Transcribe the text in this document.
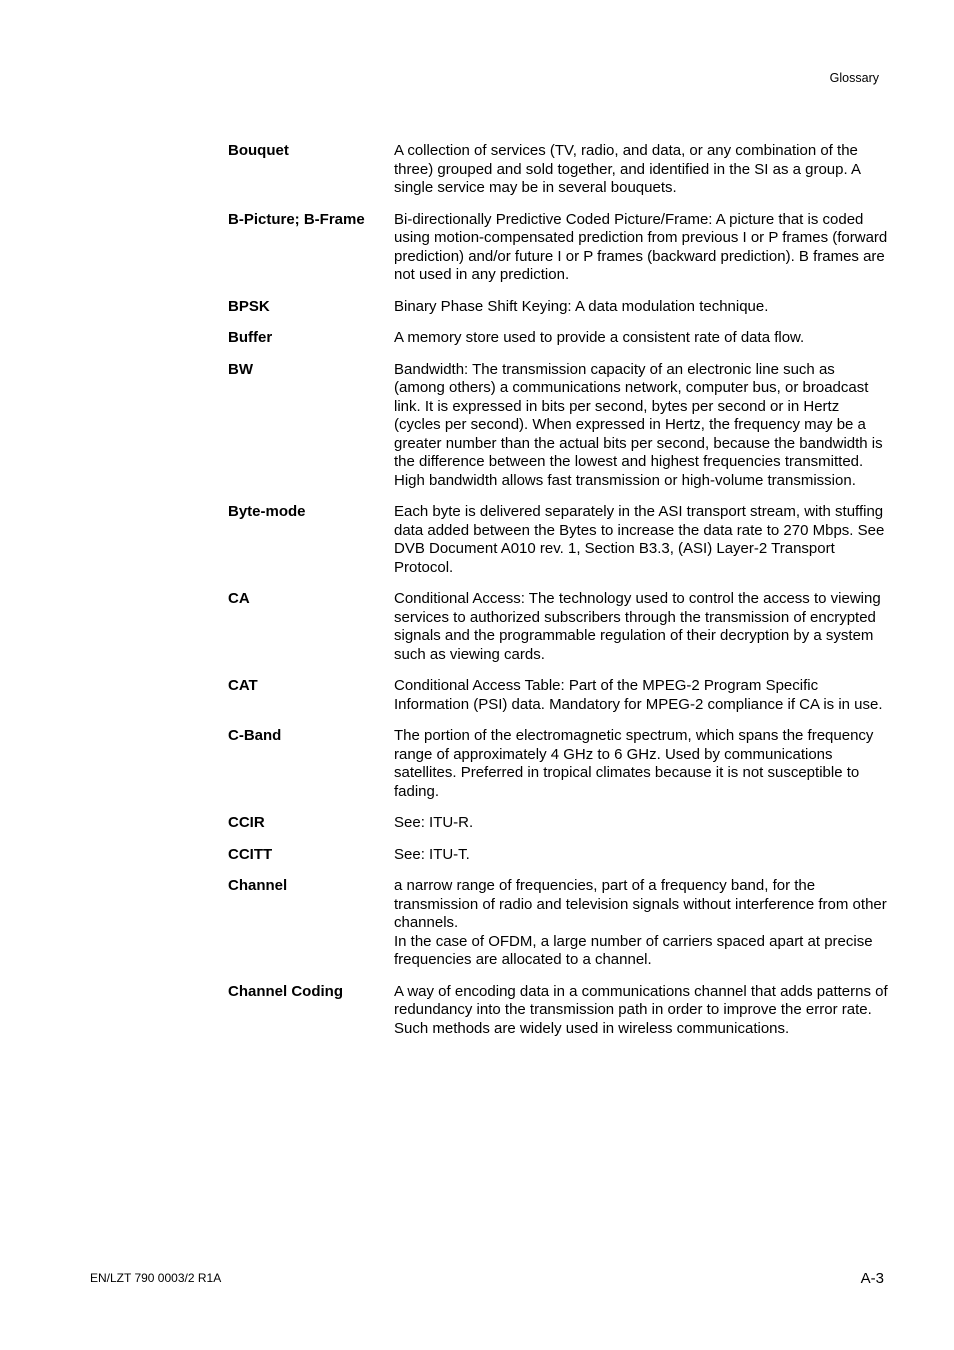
Glossary
Bouquet	A collection of services (TV, radio, and data, or any combination of the three) grouped and sold together, and identified in the SI as a group. A single service may be in several bouquets.

B-Picture; B-Frame	Bi-directionally Predictive Coded Picture/Frame: A picture that is coded using motion-compensated prediction from previous I or P frames (forward prediction) and/or future I or P frames (backward prediction). B frames are not used in any prediction.

BPSK	Binary Phase Shift Keying: A data modulation technique.

Buffer	A memory store used to provide a consistent rate of data flow.

BW	Bandwidth: The transmission capacity of an electronic line such as (among others) a communications network, computer bus, or broadcast link. It is expressed in bits per second, bytes per second or in Hertz (cycles per second). When expressed in Hertz, the frequency may be a greater number than the actual bits per second, because the bandwidth is the difference between the lowest and highest frequencies transmitted. High bandwidth allows fast transmission or high-volume transmission.

Byte-mode	Each byte is delivered separately in the ASI transport stream, with stuffing data added between the Bytes to increase the data rate to 270 Mbps. See DVB Document A010 rev. 1, Section B3.3, (ASI) Layer-2 Transport Protocol.

CA	Conditional Access: The technology used to control the access to viewing services to authorized subscribers through the transmission of encrypted signals and the programmable regulation of their decryption by a system such as viewing cards.

CAT	Conditional Access Table: Part of the MPEG-2 Program Specific Information (PSI) data. Mandatory for MPEG-2 compliance if CA is in use.

C-Band	The portion of the electromagnetic spectrum, which spans the frequency range of approximately 4 GHz to 6 GHz. Used by communications satellites. Preferred in tropical climates because it is not susceptible to fading.

CCIR	See: ITU-R.

CCITT	See: ITU-T.

Channel	a narrow range of frequencies, part of a frequency band, for the transmission of radio and television signals without interference from other channels.

In the case of OFDM, a large number of carriers spaced apart at precise frequencies are allocated to a channel.

Channel Coding	A way of encoding data in a communications channel that adds patterns of redundancy into the transmission path in order to improve the error rate. Such methods are widely used in wireless communications.

EN/LZT 790 0003/2 R1A	A-3
